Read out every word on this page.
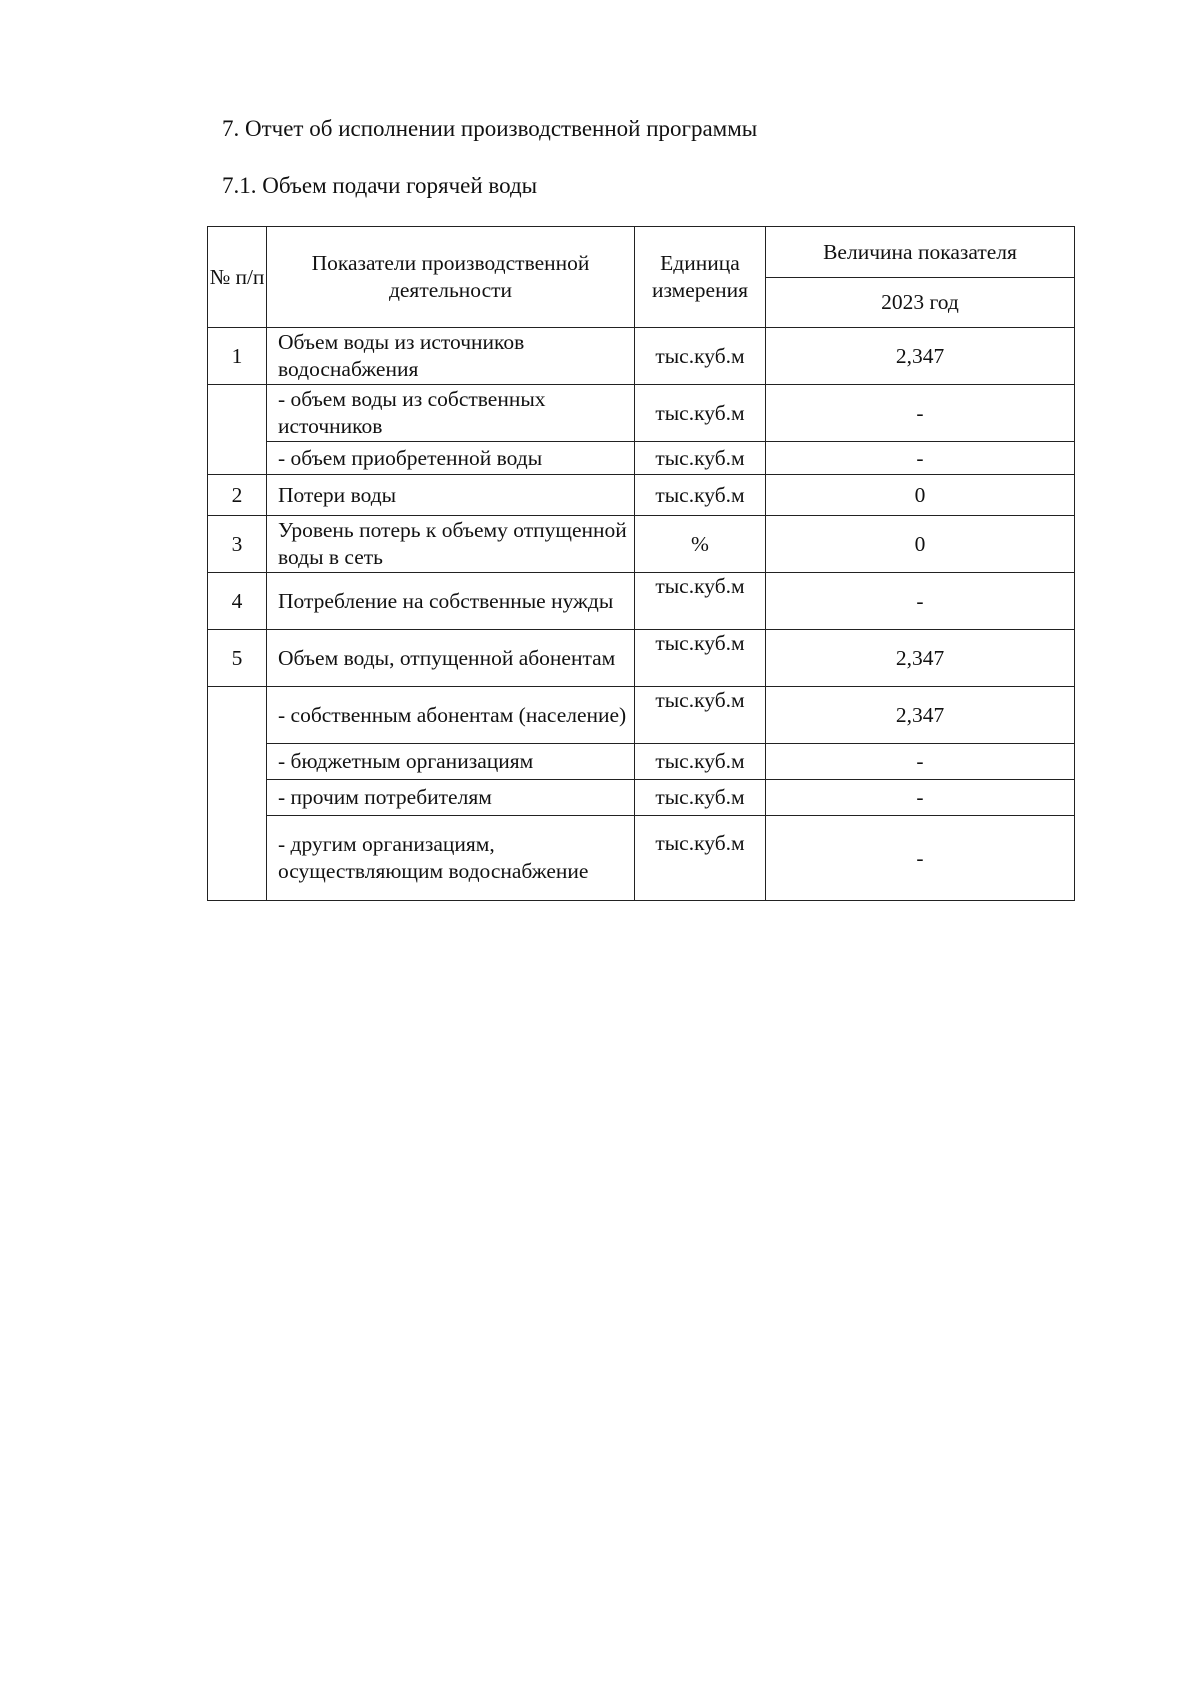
7. Отчет об исполнении производственной программы
7.1. Объем подачи горячей воды
№ п/п	Показатели производственной деятельности	Единица измерения	Величина показателя
			2023 год
1	Объем воды из источников водоснабжения	тыс.куб.м	2,347
	- объем воды из собственных источников	тыс.куб.м	-
	- объем приобретенной воды	тыс.куб.м	-
2	Потери воды	тыс.куб.м	0
3	Уровень потерь к объему отпущенной воды в сеть	%	0
4	Потребление на собственные нужды	тыс.куб.м	-
5	Объем воды, отпущенной абонентам	тыс.куб.м	2,347
	- собственным абонентам (население)	тыс.куб.м	2,347
	- бюджетным организациям	тыс.куб.м	-
	- прочим потребителям	тыс.куб.м	-
	- другим организациям, осуществляющим водоснабжение	тыс.куб.м	-
